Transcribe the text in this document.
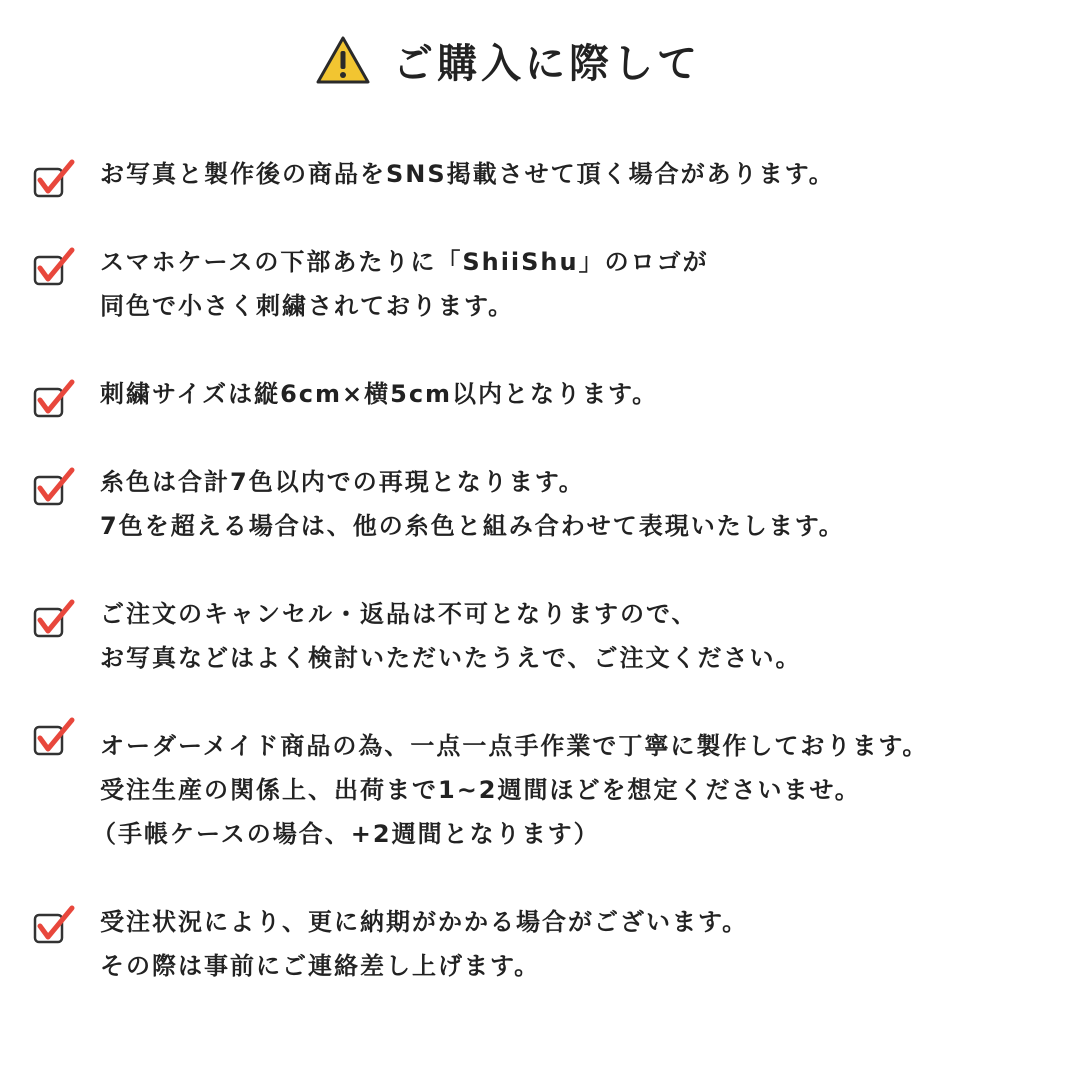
ご購入に際して
お写真と製作後の商品をSNS掲載させて頂く場合があります。
スマホケースの下部あたりに「ShiiShu」のロゴが
同色で小さく刺繍されております。
刺繍サイズは縦6cm×横5cm以内となります。
糸色は合計7色以内での再現となります。
7色を超える場合は、他の糸色と組み合わせて表現いたします。
ご注文のキャンセル・返品は不可となりますので、
お写真などはよく検討いただいたうえで、ご注文ください。
オーダーメイド商品の為、一点一点手作業で丁寧に製作しております。
受注生産の関係上、出荷まで1~2週間ほどを想定くださいませ。
（手帳ケースの場合、+2週間となります）
受注状況により、更に納期がかかる場合がございます。
その際は事前にご連絡差し上げます。
